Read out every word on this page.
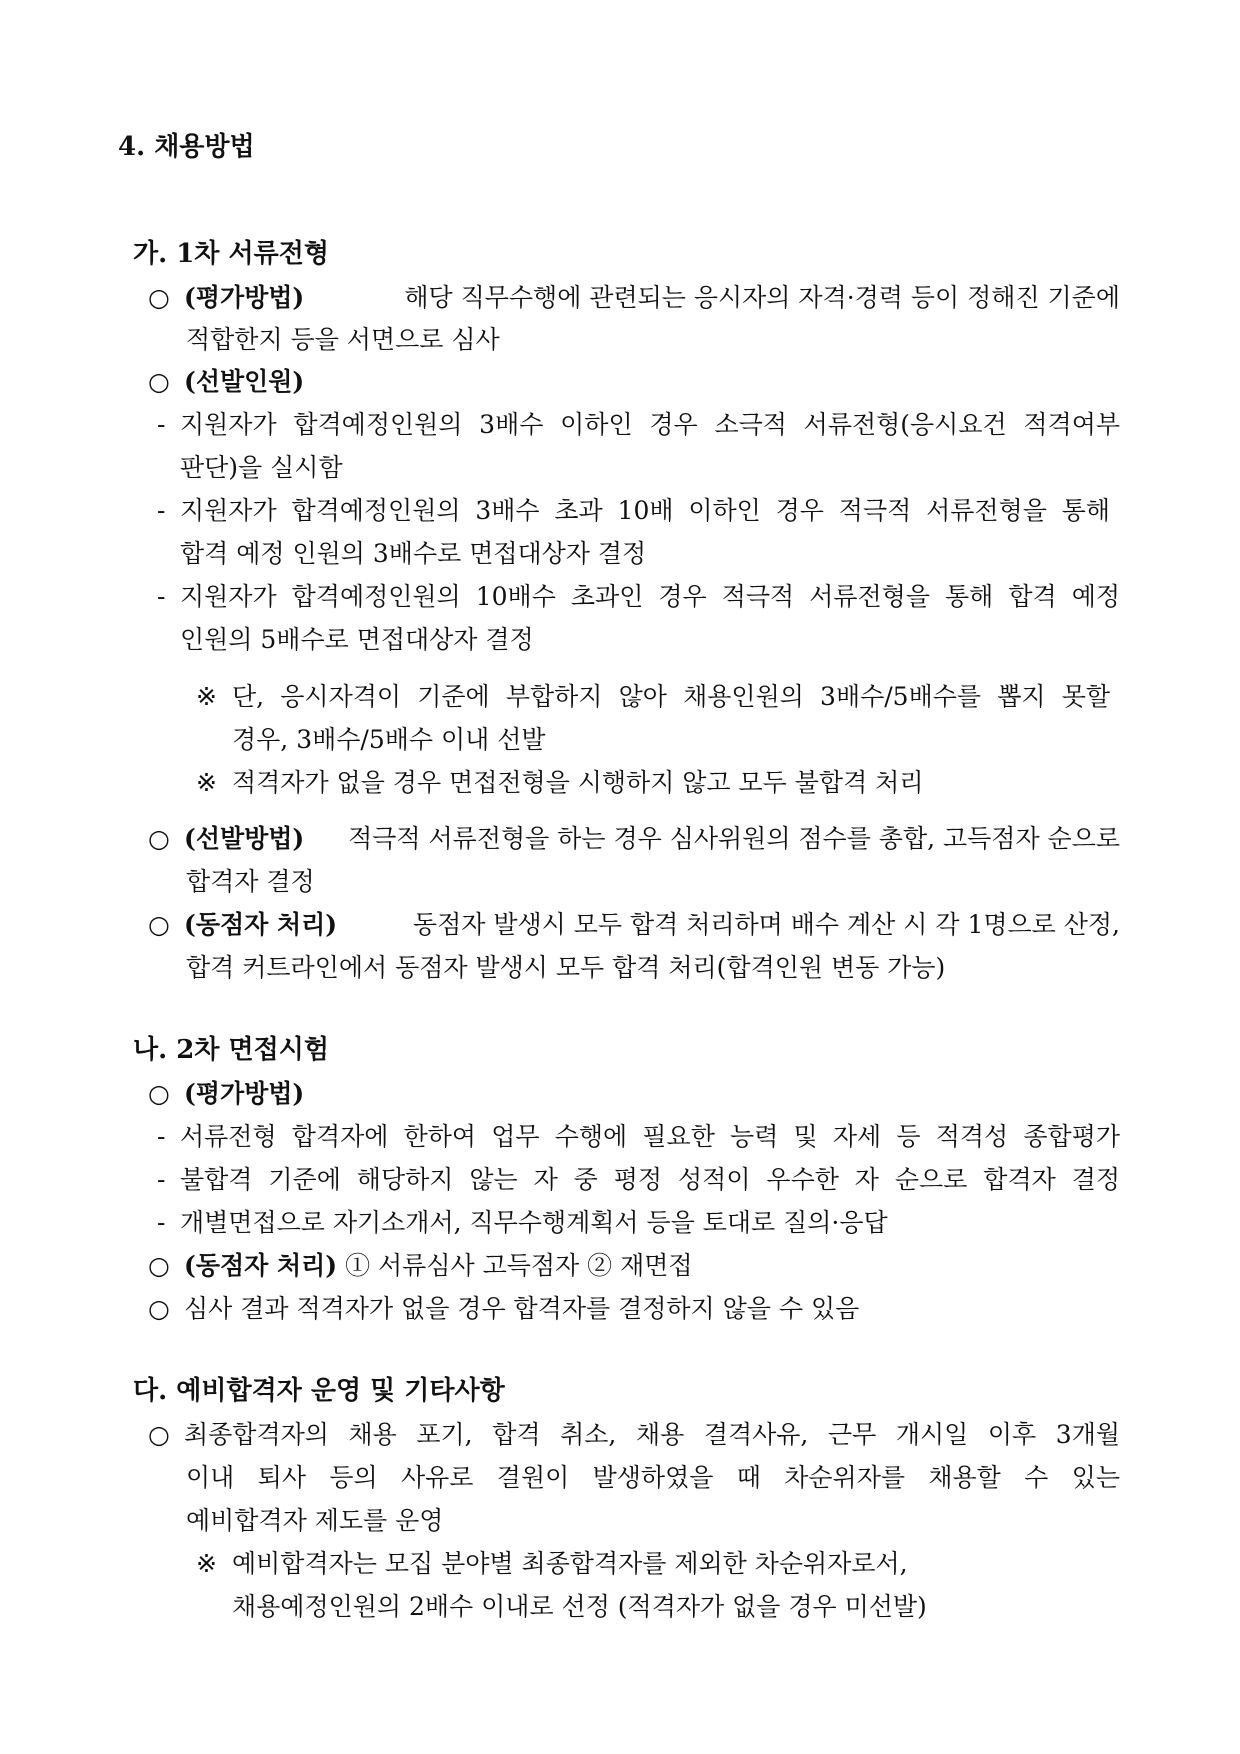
4. 채용방법
가. 1차 서류전형
○ (평가방법)	해당 직무수행에 관련되는 응시자의 자격·경력 등이 정해진 기준에
적합한지 등을 서면으로 심사
○ (선발인원)
- 지원자가 합격예정인원의 3배수 이하인 경우 소극적 서류전형(응시요건 적격여부
판단)을 실시함
- 지원자가 합격예정인원의 3배수 초과 10배 이하인 경우 적극적 서류전형을 통해
합격 예정 인원의 3배수로 면접대상자 결정
- 지원자가 합격예정인원의 10배수 초과인 경우 적극적 서류전형을 통해 합격 예정
인원의 5배수로 면접대상자 결정
※ 단, 응시자격이 기준에 부합하지 않아 채용인원의 3배수/5배수를 뽑지 못할
경우, 3배수/5배수 이내 선발
※ 적격자가 없을 경우 면접전형을 시행하지 않고 모두 불합격 처리
○ (선발방법) 적극적 서류전형을 하는 경우 심사위원의 점수를 총합, 고득점자 순으로
합격자 결정
○ (동점자 처리)	동점자 발생시 모두 합격 처리하며 배수 계산 시 각 1명으로 산정,
합격 커트라인에서 동점자 발생시 모두 합격 처리(합격인원 변동 가능)
나. 2차 면접시험
○ (평가방법)
- 서류전형 합격자에 한하여 업무 수행에 필요한 능력 및 자세 등 적격성 종합평가
- 불합격 기준에 해당하지 않는 자 중 평정 성적이 우수한 자 순으로 합격자 결정
- 개별면접으로 자기소개서, 직무수행계획서 등을 토대로 질의·응답
○ (동점자 처리) ① 서류심사 고득점자 ② 재면접
○ 심사 결과 적격자가 없을 경우 합격자를 결정하지 않을 수 있음
다. 예비합격자 운영 및 기타사항
○ 최종합격자의 채용 포기, 합격 취소, 채용 결격사유, 근무 개시일 이후 3개월
이내 퇴사 등의 사유로 결원이 발생하였을 때 차순위자를 채용할 수 있는
예비합격자 제도를 운영
※ 예비합격자는 모집 분야별 최종합격자를 제외한 차순위자로서,
채용예정인원의 2배수 이내로 선정 (적격자가 없을 경우 미선발)
